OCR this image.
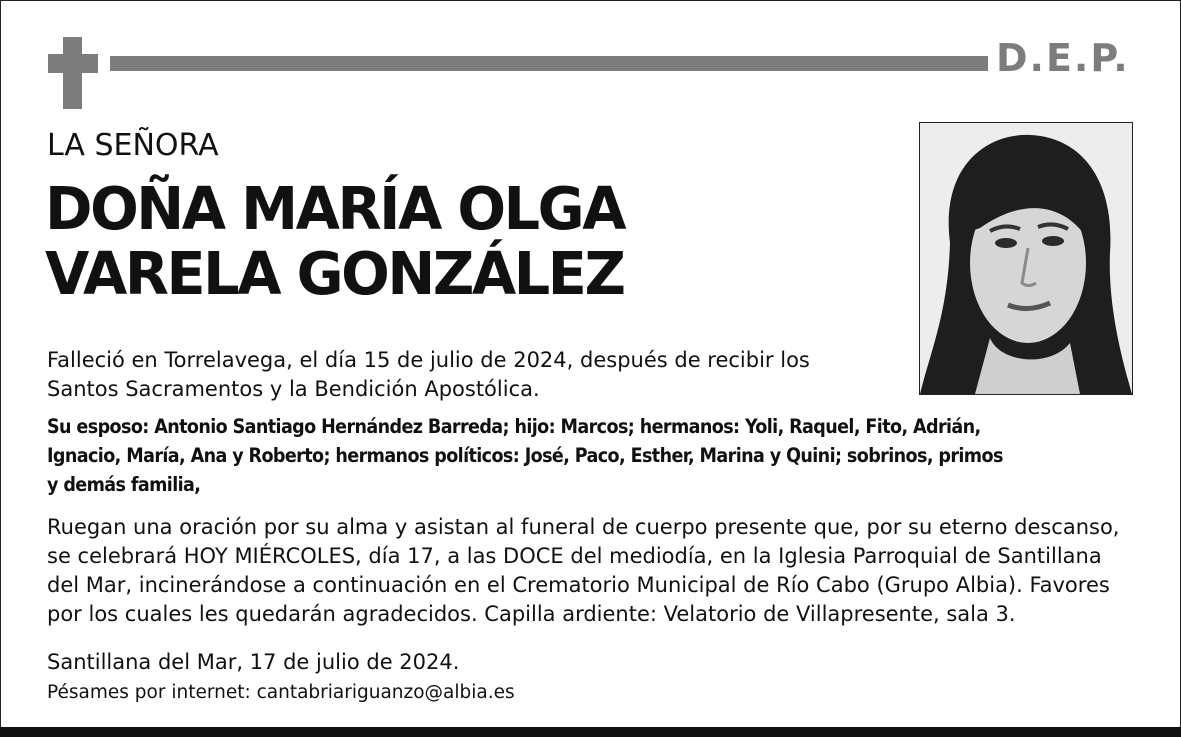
D.E.P.
LA SEÑORA
DOÑA MARÍA OLGA
VARELA GONZÁLEZ
Falleció en Torrelavega, el día 15 de julio de 2024, después de recibir los
Santos Sacramentos y la Bendición Apostólica.
Su esposo: Antonio Santiago Hernández Barreda; hijo: Marcos; hermanos: Yoli, Raquel, Fito, Adrián,
Ignacio, María, Ana y Roberto; hermanos políticos: José, Paco, Esther, Marina y Quini; sobrinos, primos
y demás familia,
Ruegan una oración por su alma y asistan al funeral de cuerpo presente que, por su eterno descanso,
se celebrará HOY MIÉRCOLES, día 17, a las DOCE del mediodía, en la Iglesia Parroquial de Santillana
del Mar, incinerándose a continuación en el Crematorio Municipal de Río Cabo (Grupo Albia). Favores
por los cuales les quedarán agradecidos. Capilla ardiente: Velatorio de Villapresente, sala 3.
Santillana del Mar, 17 de julio de 2024.
Pésames por internet: cantabriariguanzo@albia.es
